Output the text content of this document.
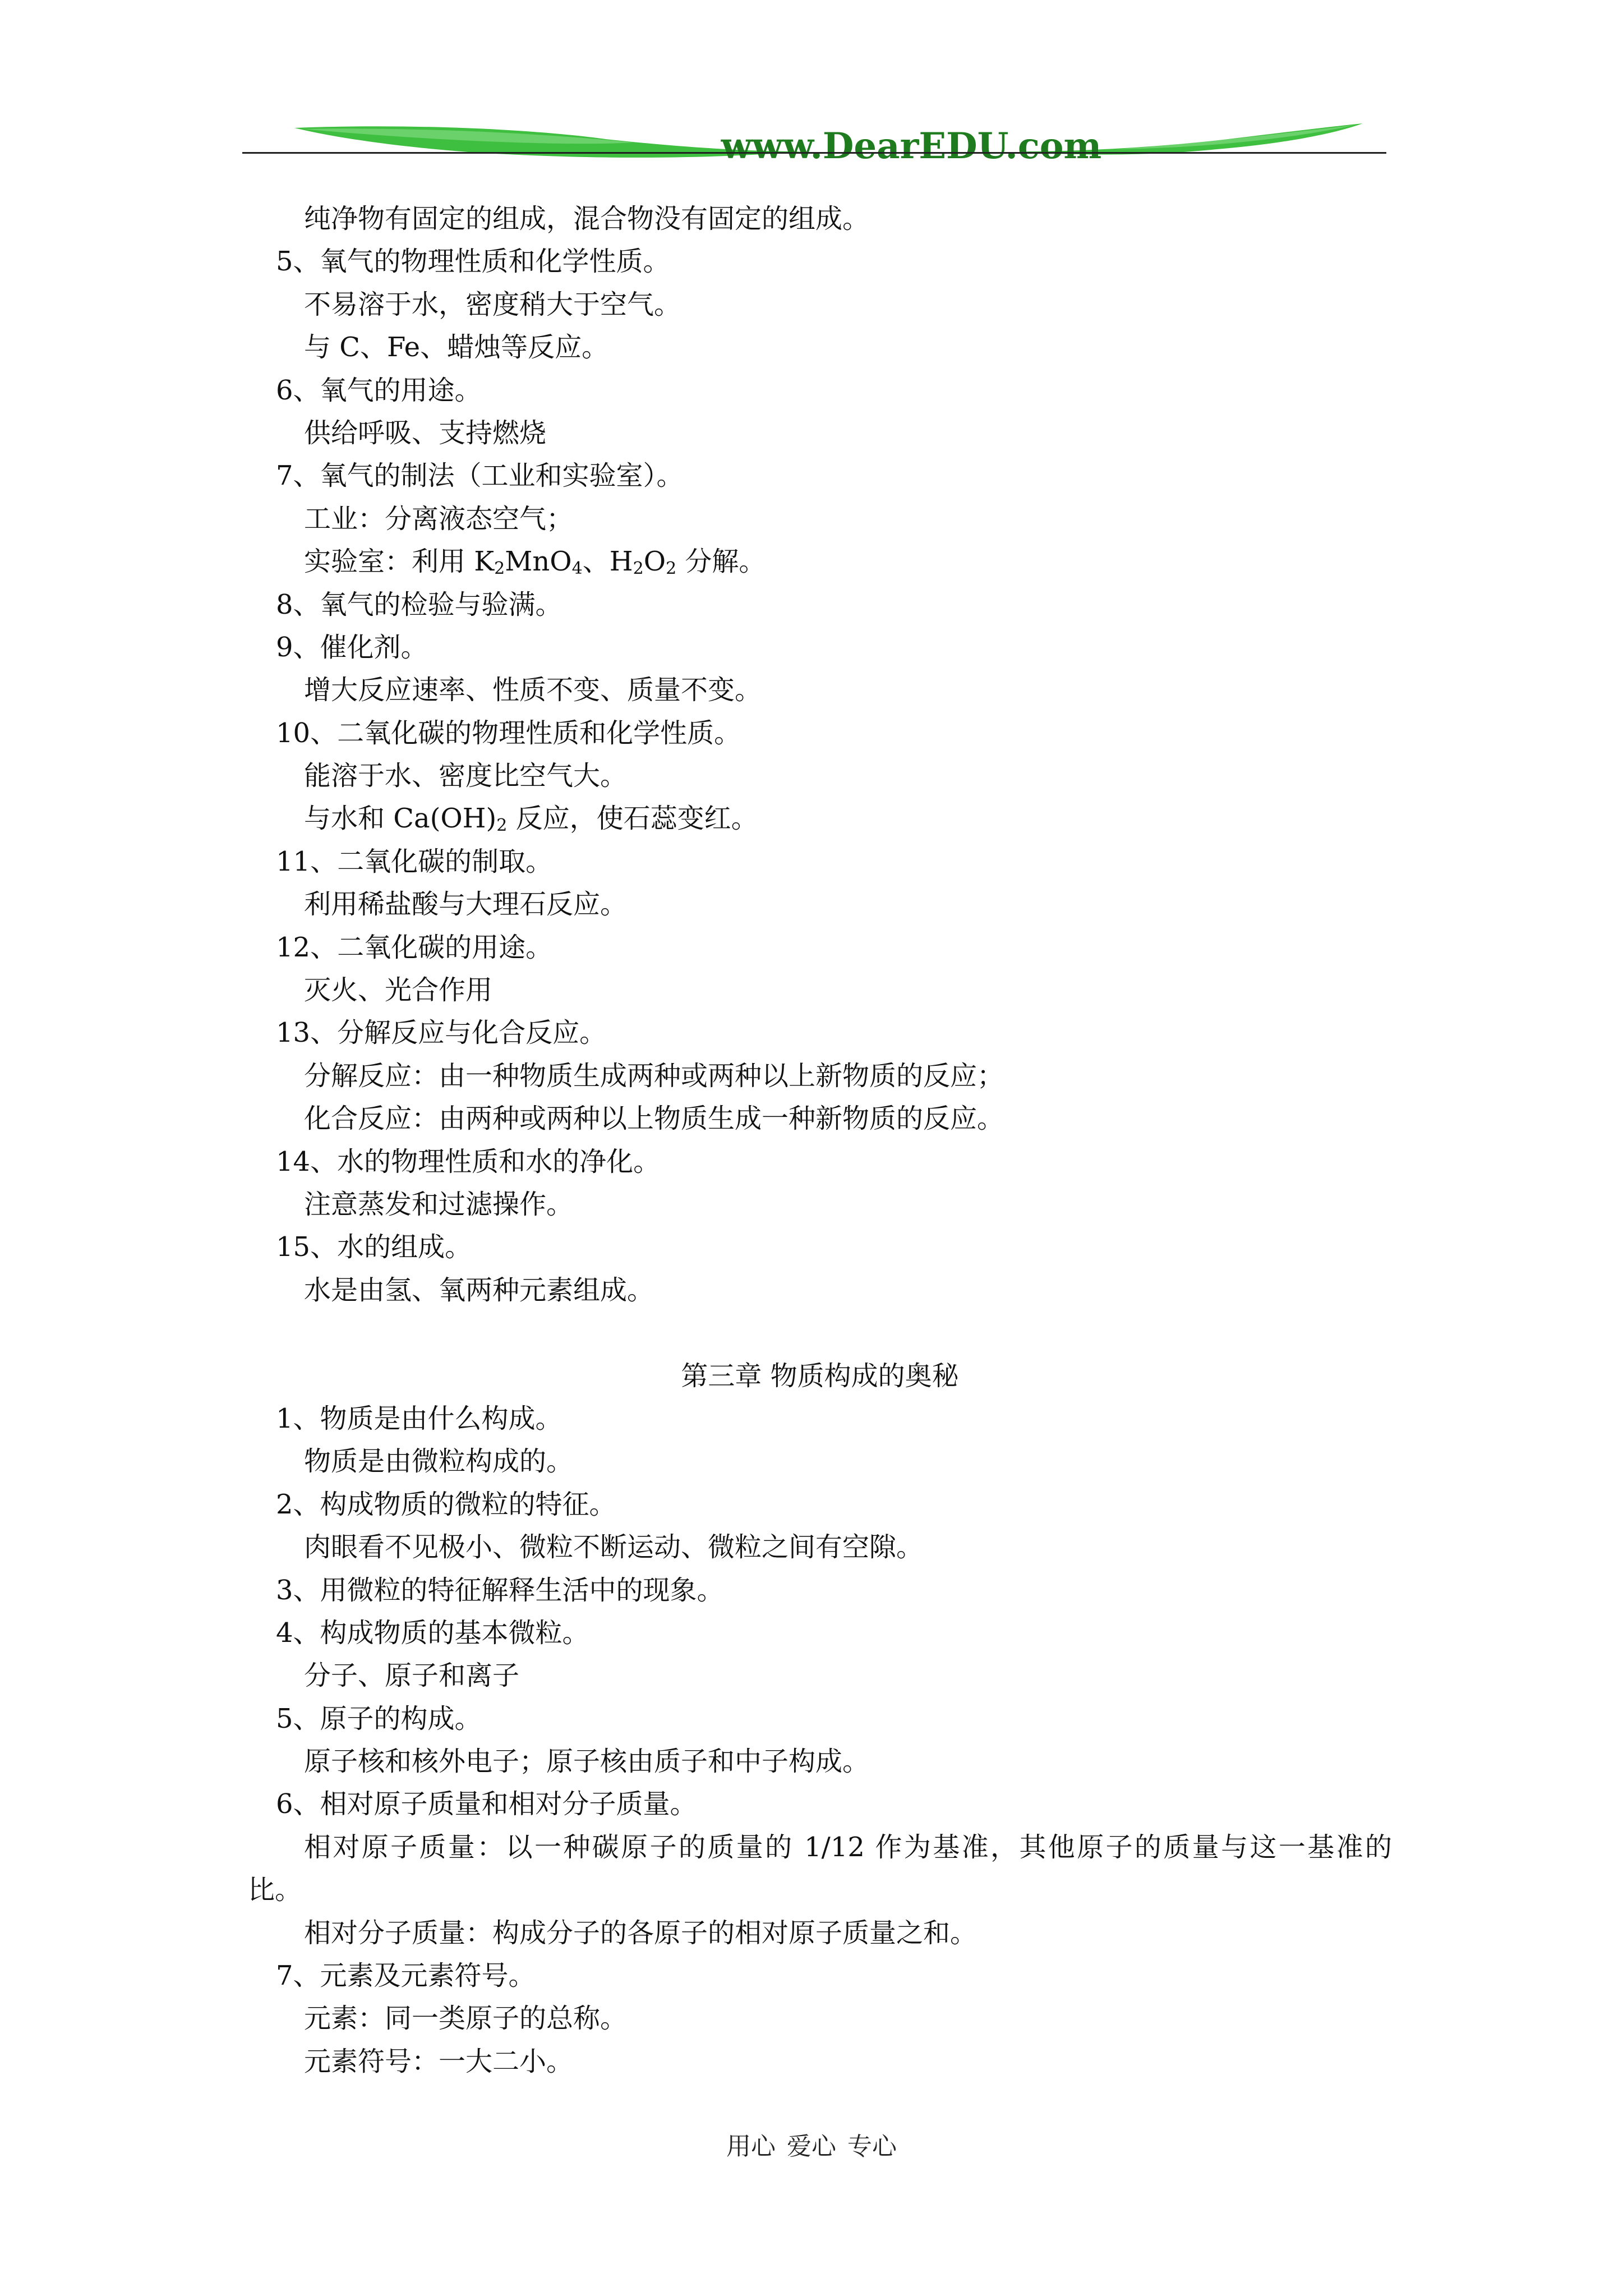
www.DearEDU.com
纯净物有固定的组成，混合物没有固定的组成。
5、氧气的物理性质和化学性质。
不易溶于水，密度稍大于空气。
与 C、Fe、蜡烛等反应。
6、氧气的用途。
供给呼吸、支持燃烧
7、氧气的制法（工业和实验室）。
工业：分离液态空气；
实验室：利用 $K_2MnO_4$、$H_2O_2$ 分解。
8、氧气的检验与验满。
9、催化剂。
增大反应速率、性质不变、质量不变。
10、二氧化碳的物理性质和化学性质。
能溶于水、密度比空气大。
与水和 $Ca(OH)_2$ 反应，使石蕊变红。
11、二氧化碳的制取。
利用稀盐酸与大理石反应。
12、二氧化碳的用途。
灭火、光合作用
13、分解反应与化合反应。
分解反应：由一种物质生成两种或两种以上新物质的反应；
化合反应：由两种或两种以上物质生成一种新物质的反应。
14、水的物理性质和水的净化。
注意蒸发和过滤操作。
15、水的组成。
水是由氢、氧两种元素组成。
第三章 物质构成的奥秘
1、物质是由什么构成。
物质是由微粒构成的。
2、构成物质的微粒的特征。
肉眼看不见极小、微粒不断运动、微粒之间有空隙。
3、用微粒的特征解释生活中的现象。
4、构成物质的基本微粒。
分子、原子和离子
5、原子的构成。
原子核和核外电子；原子核由质子和中子构成。
6、相对原子质量和相对分子质量。
相对原子质量：以一种碳原子的质量的 1/12 作为基准，其他原子的质量与这一基准的
比。
相对分子质量：构成分子的各原子的相对原子质量之和。
7、元素及元素符号。
元素：同一类原子的总称。
元素符号：一大二小。
用心 爱心 专心
